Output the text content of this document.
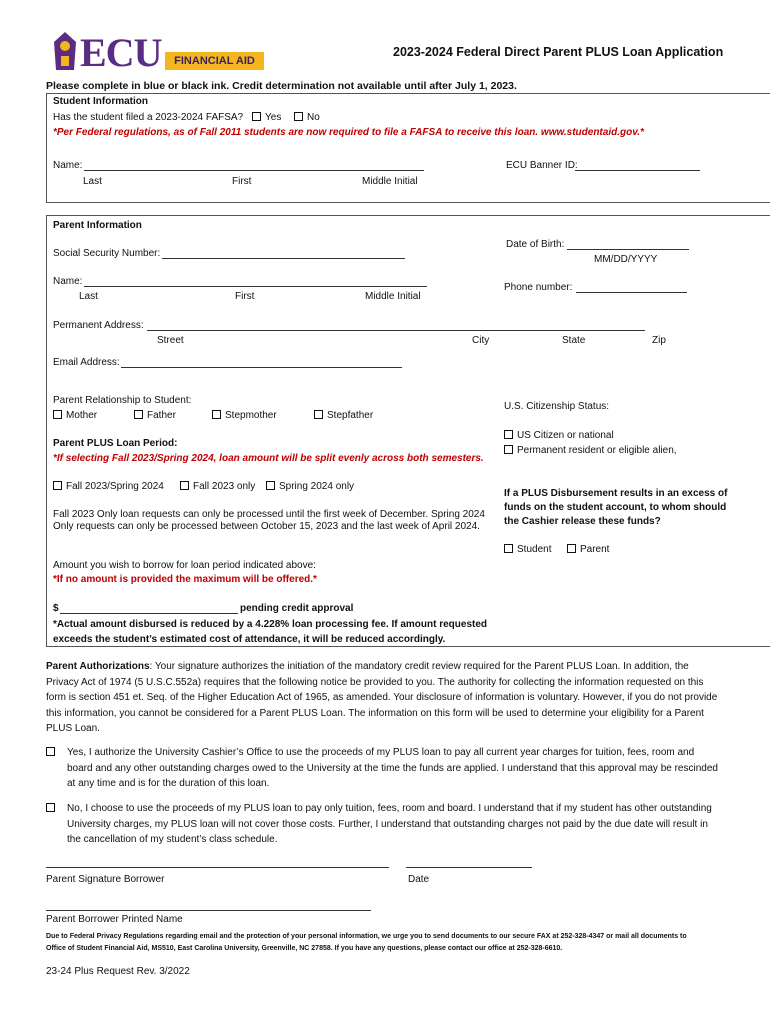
ECU	FINANCIAL AID
2023-2024 Federal Direct Parent PLUS Loan Application
Please complete in blue or black ink. Credit determination not available until after July 1, 2023.
Student Information
Has the student filed a 2023-2024 FAFSA?	Yes	No
*Per Federal regulations, as of Fall 2011 students are now required to file a FAFSA to receive this loan. www.studentaid.gov.*
Name:
Last	First	Middle Initial
ECU Banner ID:
Parent Information
Social Security Number:
Date of Birth:
MM/DD/YYYY
Name:
Last	First	Middle Initial
Phone number:
Permanent Address:
Street	City	State	Zip
Email Address:
Parent Relationship to Student:
Mother	Father	Stepmother	Stepfather
U.S. Citizenship Status:
US Citizen or national
Permanent resident or eligible alien,
Parent PLUS Loan Period:
*If selecting Fall 2023/Spring 2024, loan amount will be split evenly across both semesters.
Fall 2023/Spring 2024	Fall 2023 only	Spring 2024 only
If a PLUS Disbursement results in an excess of funds on the student account, to whom should the Cashier release these funds?
Student	Parent
Fall 2023 Only loan requests can only be processed until the first week of December. Spring 2024 Only requests can only be processed between October 15, 2023 and the last week of April 2024.
Amount you wish to borrow for loan period indicated above:
*If no amount is provided the maximum will be offered.*
$	pending credit approval
*Actual amount disbursed is reduced by a 4.228% loan processing fee. If amount requested exceeds the student’s estimated cost of attendance, it will be reduced accordingly.
Parent Authorizations: Your signature authorizes the initiation of the mandatory credit review required for the Parent PLUS Loan. In addition, the Privacy Act of 1974 (5 U.S.C.552a) requires that the following notice be provided to you. The authority for collecting the information requested on this form is section 451 et. Seq. of the Higher Education Act of 1965, as amended. Your disclosure of information is voluntary. However, if you do not provide this information, you cannot be considered for a Parent PLUS Loan. The information on this form will be used to determine your eligibility for a Parent PLUS Loan.
Yes, I authorize the University Cashier’s Office to use the proceeds of my PLUS loan to pay all current year charges for tuition, fees, room and board and any other outstanding charges owed to the University at the time the funds are applied. I understand that this approval may be rescinded at any time and is for the duration of this loan.
No, I choose to use the proceeds of my PLUS loan to pay only tuition, fees, room and board. I understand that if my student has other outstanding University charges, my PLUS loan will not cover those costs. Further, I understand that outstanding charges not paid by the due date will result in the cancellation of my student’s class schedule.
Parent Signature Borrower	Date
Parent Borrower Printed Name
Due to Federal Privacy Regulations regarding email and the protection of your personal information, we urge you to send documents to our secure FAX at 252-328-4347 or mail all documents to Office of Student Financial Aid, MS510, East Carolina University, Greenville, NC 27858. If you have any questions, please contact our office at 252-328-6610.
23-24 Plus Request Rev. 3/2022
